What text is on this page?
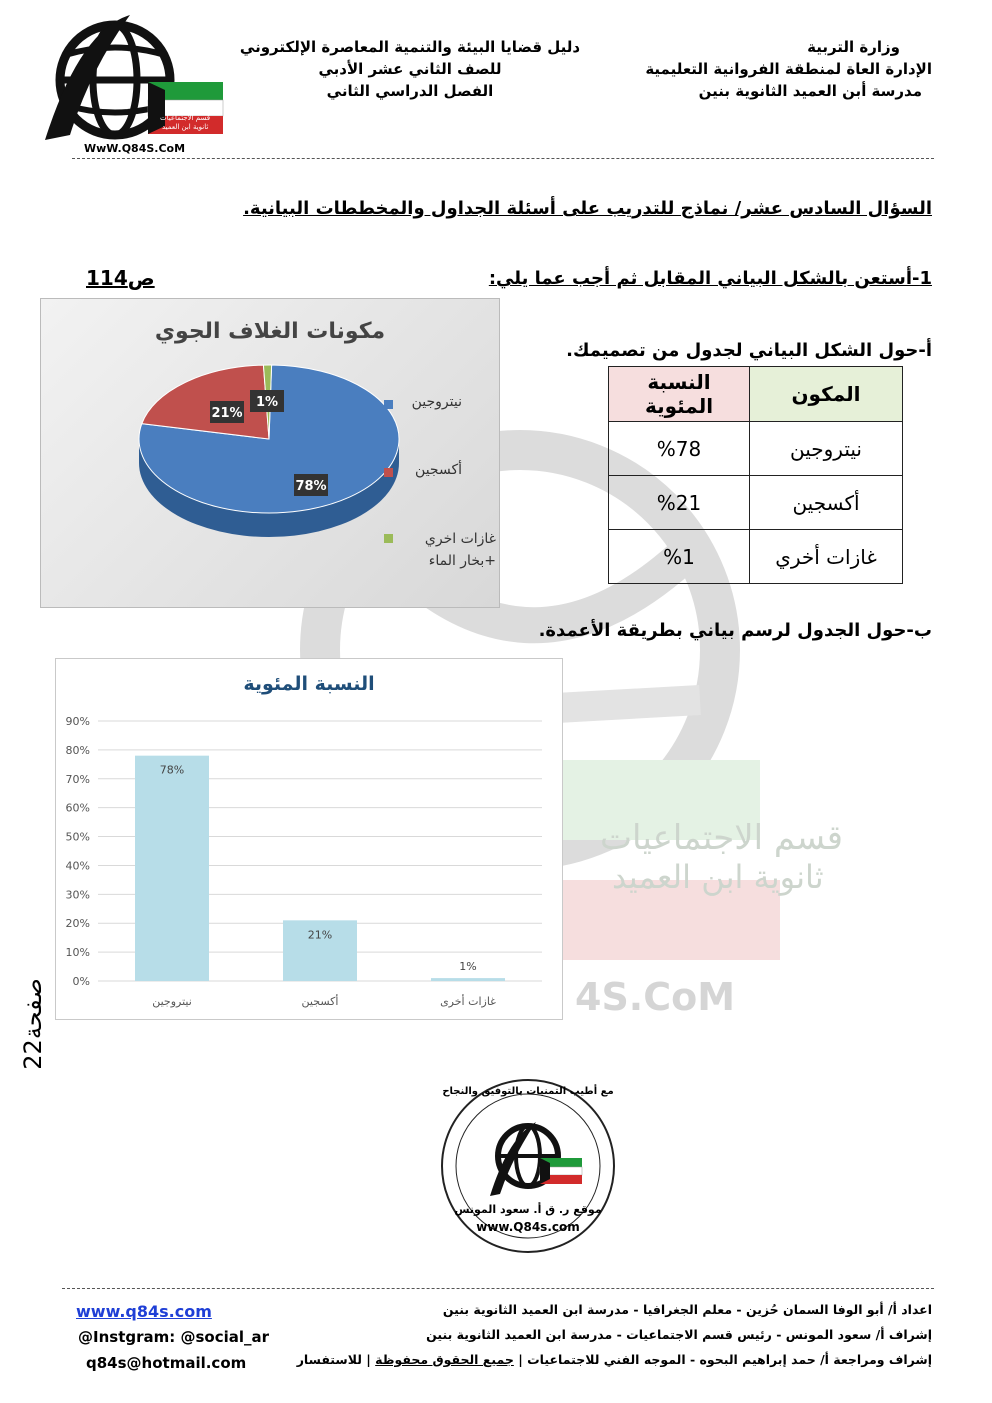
قسم الاجتماعيات
ثانوية ابن العميد
4S.CoM
وزارة التربية
الإدارة العاة لمنطقة الفروانية التعليمية
مدرسة أبن العميد الثانوية بنين
دليل قضايا البيئة والتنمية المعاصرة الإلكتروني
للصف الثاني عشر الأدبي
الفصل الدراسي الثاني
قسم الاجتماعيات
ثانوية ابن العميد
WwW.Q84S.CoM
السؤال السادس عشر/ نماذج للتدريب على أسئلة الجداول والمخططات البيانية.
1-أستعن بالشكل البياني المقابل ثم أجب عما يلي:
ص114
أ-حول الشكل البياني لجدول من تصميمك.
مكونات الغلاف الجوي
78%
21%
1%	نيتروجين
أكسجين
غازات اخري +بخار الماء
المكون	النسبة المئوية
نيتروجين	%78
أكسجين	%21
غازات أخري	%1
ب-حول الجدول لرسم بياني بطريقة الأعمدة.
النسبة المئوية
0%
10%
20%
30%
40%
50%
60%
70%
80%
90%
78%
نيتروجين
21%
أكسجين
1%
غازات أخرى
صفحة22
مع أطيب التمنيات بالتوفيق والنجاح
موقع ر. ق أ. سعود المونس
www.Q84s.com
اعداد أ/ أبو الوفا السمان حُزين - معلم الجغرافيا - مدرسة ابن العميد الثانوية بنين
إشراف أ/ سعود المونس - رئيس قسم الاجتماعيات - مدرسة ابن العميد الثانوية بنين
إشراف ومراجعة أ/ حمد إبراهيم البحوه - الموجه الفني للاجتماعيات | جميع الحقوق محفوظة | للاستفسار
www.q84s.com
@Instgram: @social_ar
q84s@hotmail.com
